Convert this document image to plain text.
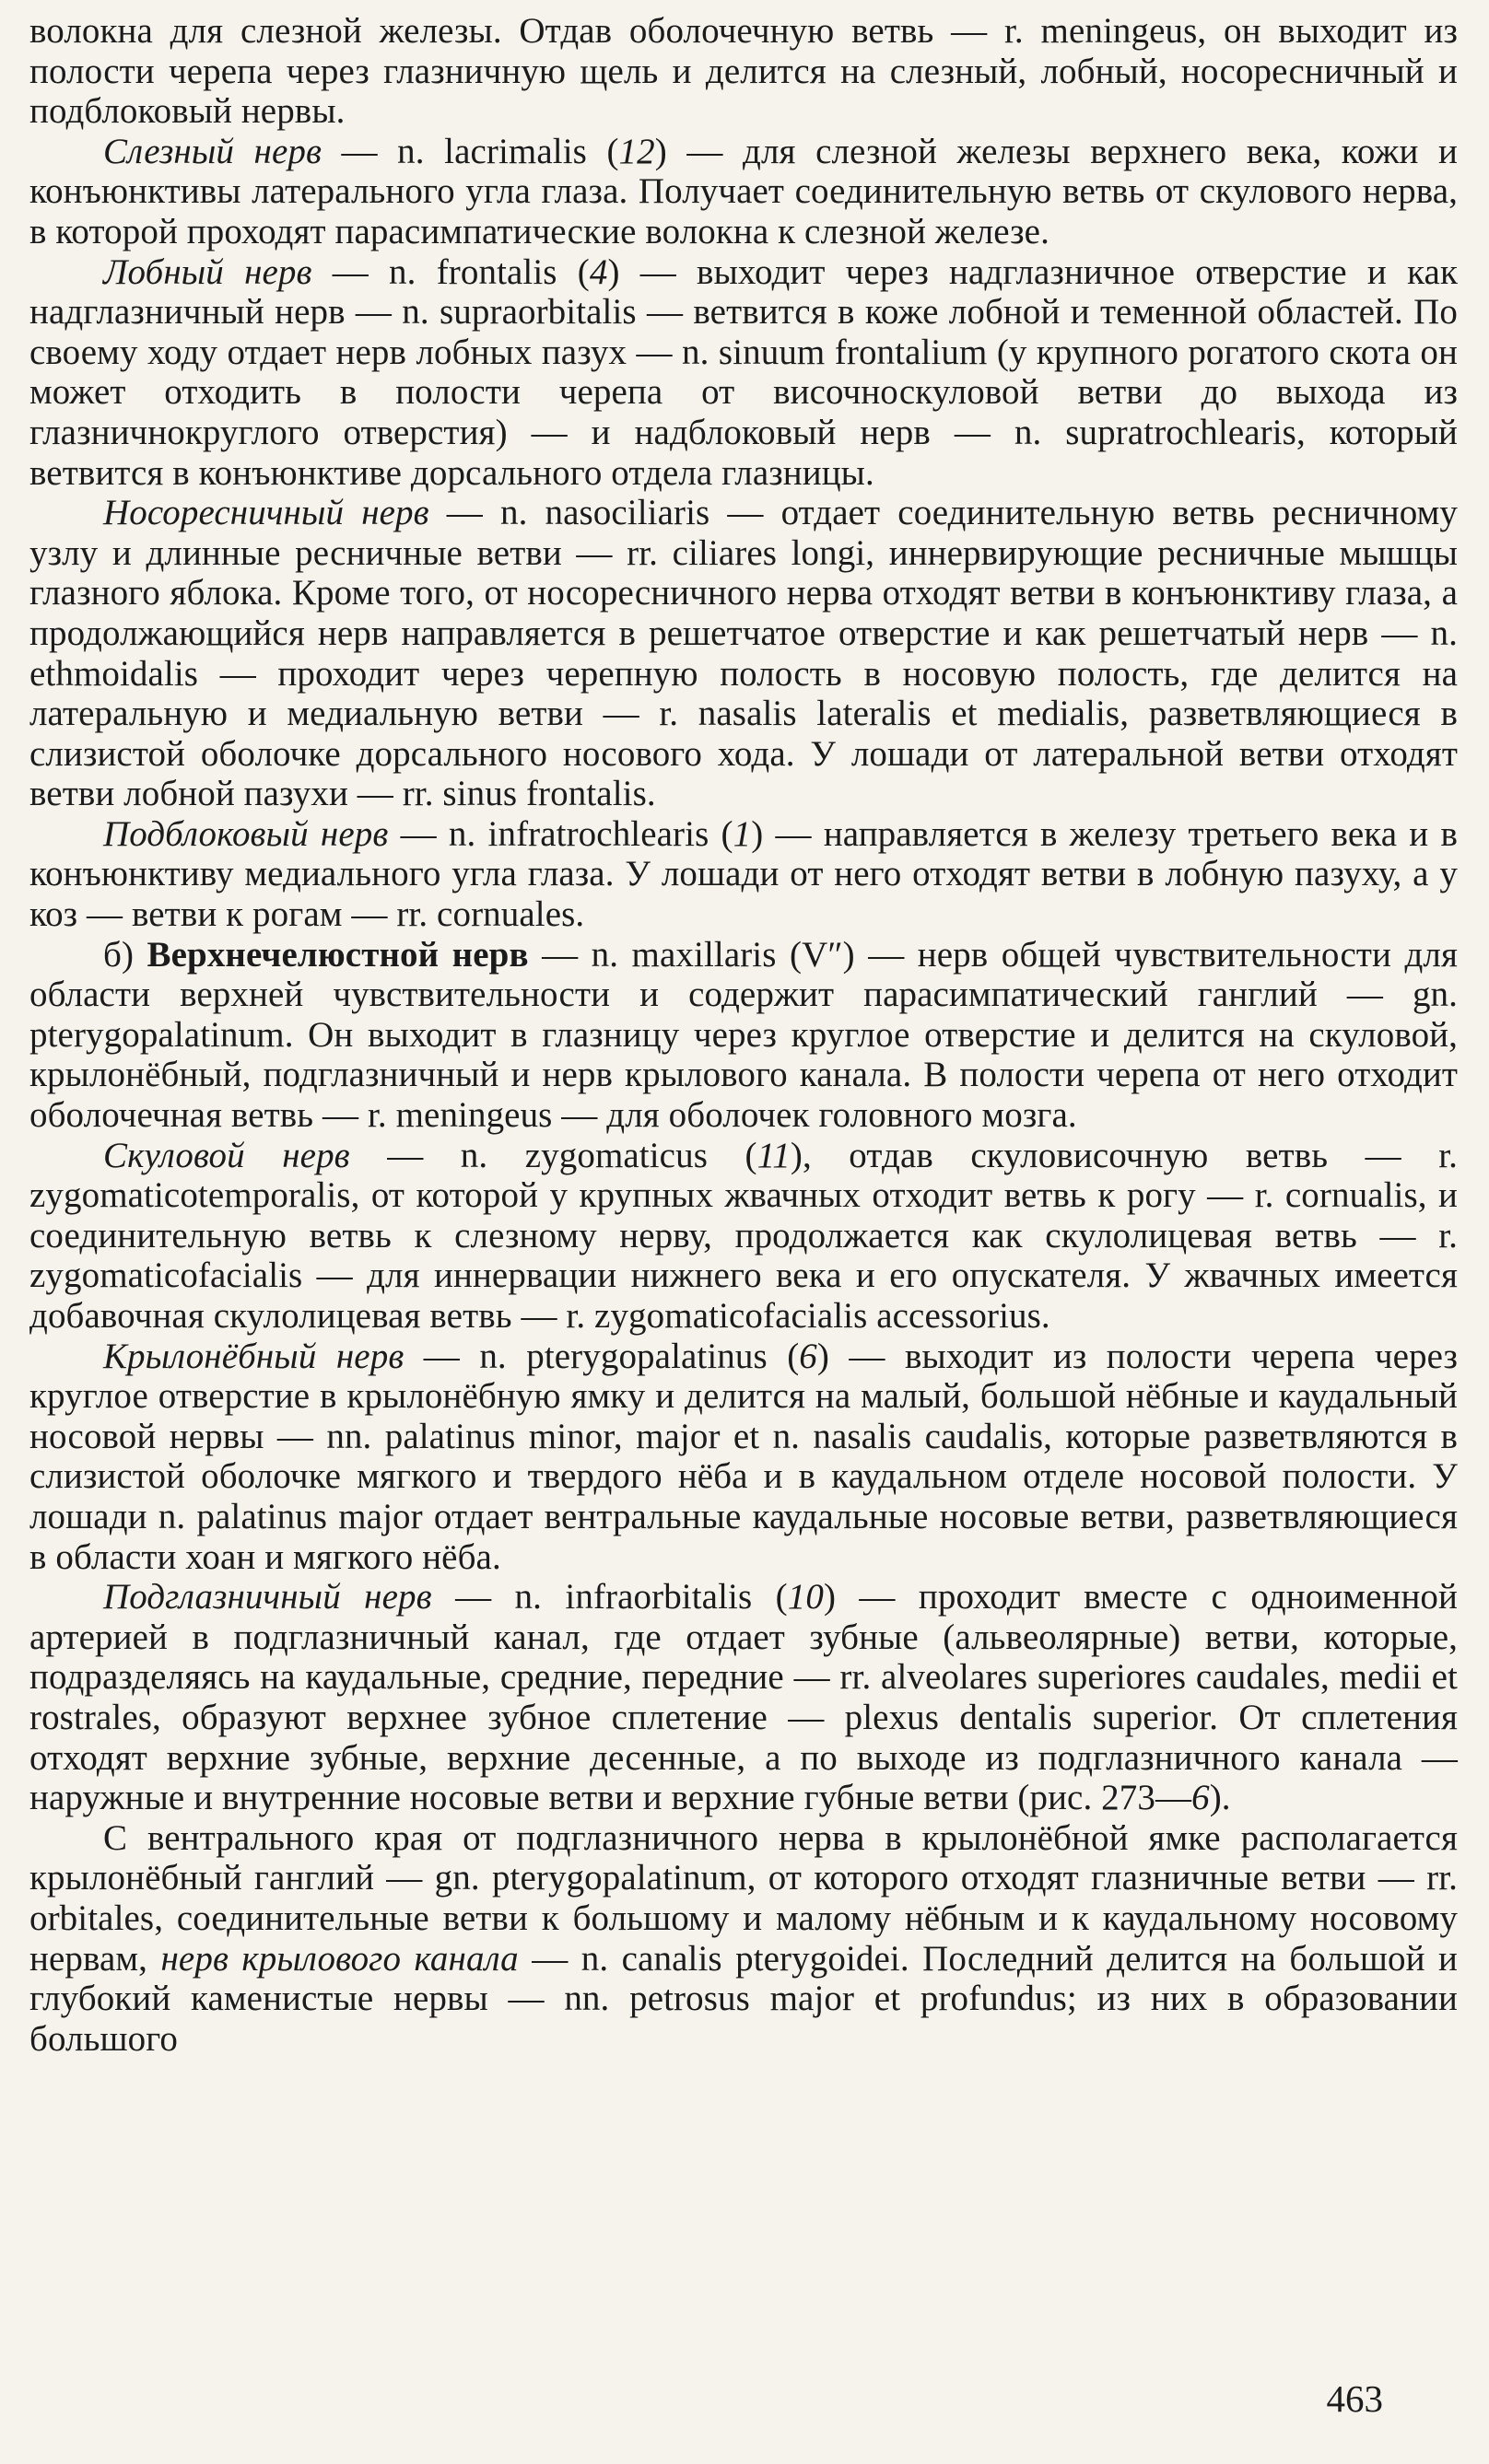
волокна для слезной железы. Отдав оболочечную ветвь — r. meningeus, он выходит из полости черепа через глазничную щель и делится на слезный, лобный, носоресничный и подблоковый нервы.

Слезный нерв — n. lacrimalis (12) — для слезной железы верхнего века, кожи и конъюнктивы латерального угла глаза. Получает соединительную ветвь от скулового нерва, в которой проходят парасимпатические волокна к слезной железе.

Лобный нерв — n. frontalis (4) — выходит через надглазничное отверстие и как надглазничный нерв — n. supraorbitalis — ветвится в коже лобной и теменной областей. По своему ходу отдает нерв лобных пазух — n. sinuum frontalium (у крупного рогатого скота он может отходить в полости черепа от височноскуловой ветви до выхода из глазничнокруглого отверстия) — и надблоковый нерв — n. supratrochlearis, который ветвится в конъюнктиве дорсального отдела глазницы.

Носоресничный нерв — n. nasociliaris — отдает соединительную ветвь ресничному узлу и длинные ресничные ветви — rr. ciliares longi, иннервирующие ресничные мышцы глазного яблока. Кроме того, от носоресничного нерва отходят ветви в конъюнктиву глаза, а продолжающийся нерв направляется в решетчатое отверстие и как решетчатый нерв — n. ethmoidalis — проходит через черепную полость в носовую полость, где делится на латеральную и медиальную ветви — r. nasalis lateralis et medialis, разветвляющиеся в слизистой оболочке дорсального носового хода. У лошади от латеральной ветви отходят ветви лобной пазухи — rr. sinus frontalis.

Подблоковый нерв — n. infratrochlearis (1) — направляется в железу третьего века и в конъюнктиву медиального угла глаза. У лошади от него отходят ветви в лобную пазуху, а у коз — ветви к рогам — rr. cornuales.

б) Верхнечелюстной нерв — n. maxillaris (V″) — нерв общей чувствительности для области верхней чувствительности и содержит парасимпатический ганглий — gn. pterygopalatinum. Он выходит в глазницу через круглое отверстие и делится на скуловой, крылонёбный, подглазничный и нерв крылового канала. В полости черепа от него отходит оболочечная ветвь — r. meningeus — для оболочек головного мозга.

Скуловой нерв — n. zygomaticus (11), отдав скуловисочную ветвь — r. zygomaticotemporalis, от которой у крупных жвачных отходит ветвь к рогу — r. cornualis, и соединительную ветвь к слезному нерву, продолжается как скулолицевая ветвь — r. zygomaticofacialis — для иннервации нижнего века и его опускателя. У жвачных имеется добавочная скулолицевая ветвь — r. zygomaticofacialis accessorius.

Крылонёбный нерв — n. pterygopalatinus (6) — выходит из полости черепа через круглое отверстие в крылонёбную ямку и делится на малый, большой нёбные и каудальный носовой нервы — nn. palatinus minor, major et n. nasalis caudalis, которые разветвляются в слизистой оболочке мягкого и твердого нёба и в каудальном отделе носовой полости. У лошади n. palatinus major отдает вентральные каудальные носовые ветви, разветвляющиеся в области хоан и мягкого нёба.

Подглазничный нерв — n. infraorbitalis (10) — проходит вместе с одноименной артерией в подглазничный канал, где отдает зубные (альвеолярные) ветви, которые, подразделяясь на каудальные, средние, передние — rr. alveolares superiores caudales, medii et rostrales, образуют верхнее зубное сплетение — plexus dentalis superior. От сплетения отходят верхние зубные, верхние десенные, а по выходе из подглазничного канала — наружные и внутренние носовые ветви и верхние губные ветви (рис. 273—6).

С вентрального края от подглазничного нерва в крылонёбной ямке располагается крылонёбный ганглий — gn. pterygopalatinum, от которого отходят глазничные ветви — rr. orbitales, соединительные ветви к большому и малому нёбным и к каудальному носовому нервам, нерв крылового канала — n. canalis pterygoidei. Последний делится на большой и глубокий каменистые нервы — nn. petrosus major et profundus; из них в образовании большого

463
